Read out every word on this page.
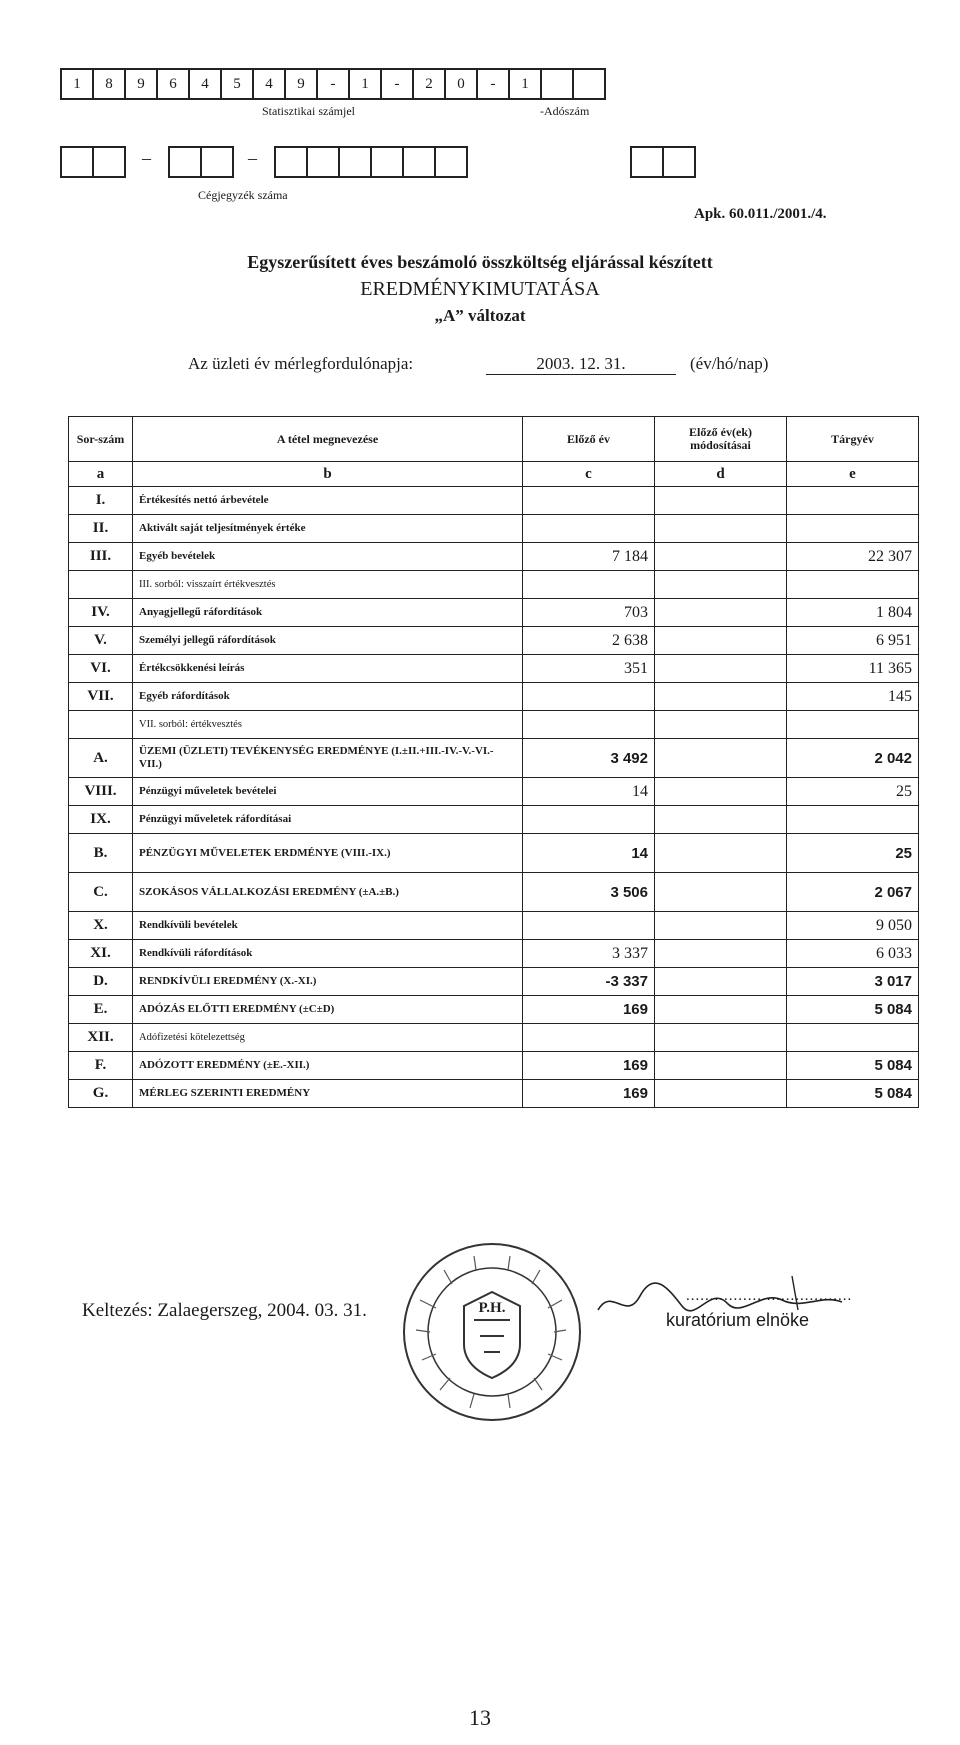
1	8	9	6	4	5	4	9	-	1	-	2	0	-	1
Statisztikai számjel	-Adószám
–	–
Cégjegyzék száma
Apk. 60.011./2001./4.
Egyszerűsített éves beszámoló összköltség eljárással készített
EREDMÉNYKIMUTATÁSA
„A” változat
Az üzleti év mérlegfordulónapja:	2003. 12. 31.	(év/hó/nap)
Sor-szám	A tétel megnevezése	Előző év	Előző év(ek) módosításai	Tárgyév
a	b	c	d	e
I.	Értékesítés nettó árbevétele			
II.	Aktivált saját teljesítmények értéke			
III.	Egyéb bevételek	7 184		22 307
	III. sorból: visszaírt értékvesztés			
IV.	Anyagjellegű ráfordítások	703		1 804
V.	Személyi jellegű ráfordítások	2 638		6 951
VI.	Értékcsökkenési leírás	351		11 365
VII.	Egyéb ráfordítások			145
	VII. sorból: értékvesztés			
A.	ÜZEMI (ÜZLETI) TEVÉKENYSÉG EREDMÉNYE (I.±II.+III.-IV.-V.-VI.-VII.)	3 492		2 042
VIII.	Pénzügyi műveletek bevételei	14		25
IX.	Pénzügyi műveletek ráfordításai			
B.	PÉNZÜGYI MŰVELETEK ERDMÉNYE (VIII.-IX.)	14		25
C.	SZOKÁSOS VÁLLALKOZÁSI EREDMÉNY (±A.±B.)	3 506		2 067
X.	Rendkívüli bevételek			9 050
XI.	Rendkívüli ráfordítások	3 337		6 033
D.	RENDKÍVÜLI EREDMÉNY (X.-XI.)	-3 337		3 017
E.	ADÓZÁS ELŐTTI EREDMÉNY (±C±D)	169		5 084
XII.	Adófizetési kötelezettség			
F.	ADÓZOTT EREDMÉNY (±E.-XII.)	169		5 084
G.	MÉRLEG SZERINTI EREDMÉNY	169		5 084
Keltezés: Zalaegerszeg, 2004. 03. 31.	P.H.
...................................
kuratórium elnöke
13
